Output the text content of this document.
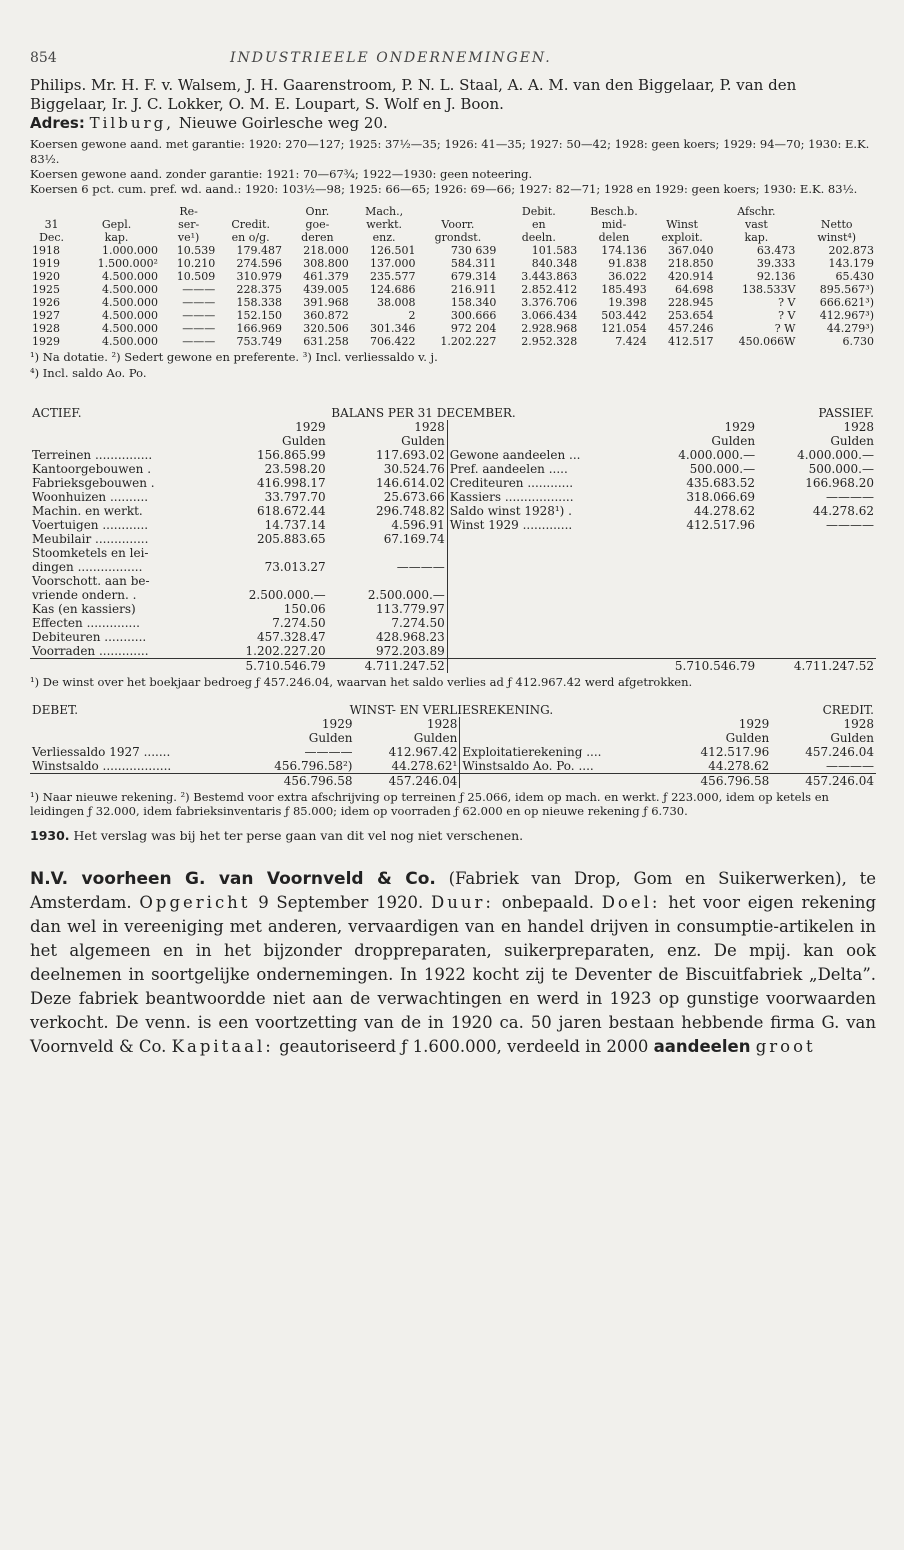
854	INDUSTRIEELE ONDERNEMINGEN.

Philips. Mr. H. F. v. Walsem, J. H. Gaarenstroom, P. N. L. Staal, A. A. M. van den Biggelaar, P. van den Biggelaar, Ir. J. C. Lokker, O. M. E. Loupart, S. Wolf en J. Boon.

Adres: Tilburg, Nieuwe Goirlesche weg 20.

Koersen gewone aand. met garantie: 1920: 270—127; 1925: 37½—35; 1926: 41—35; 1927: 50—42; 1928: geen koers; 1929: 94—70; 1930: E.K. 83½.

Koersen gewone aand. zonder garantie: 1921: 70—67¾; 1922—1930: geen noteering.

Koersen 6 pct. cum. pref. wd. aand.: 1920: 103½—98; 1925: 66—65; 1926: 69—66; 1927: 82—71; 1928 en 1929: geen koers; 1930: E.K. 83½.

		Re-		Onr.	Mach.,		Debit.	Besch.b.		Afschr.	
31	Gepl.	ser-	Credit.	goe-	werkt.	Voorr.	en	mid-	Winst	vast	Netto
Dec.	kap.	ve¹)	en o/g.	deren	enz.	grondst.	deeln.	delen	exploit.	kap.	winst⁴)
1918	1.000.000	10.539	179.487	218.000	126.501	730 639	101.583	174.136	367.040	63.473	202.873
1919	1.500.000²	10.210	274.596	308.800	137.000	584.311	840.348	91.838	218.850	39.333	143.179
1920	4.500.000	10.509	310.979	461.379	235.577	679.314	3.443.863	36.022	420.914	92.136	65.430
1925	4.500.000	———	228.375	439.005	124.686	216.911	2.852.412	185.493	64.698	138.533V	895.567³)
1926	4.500.000	———	158.338	391.968	38.008	158.340	3.376.706	19.398	228.945	? V	666.621³)
1927	4.500.000	———	152.150	360.872	2	300.666	3.066.434	503.442	253.654	? V	412.967³)
1928	4.500.000	———	166.969	320.506	301.346	972 204	2.928.968	121.054	457.246	? W	44.279³)
1929	4.500.000	———	753.749	631.258	706.422	1.202.227	2.952.328	7.424	412.517	450.066W	6.730

¹) Na dotatie. ²) Sedert gewone en preferente. ³) Incl. verliessaldo v. j.

⁴) Incl. saldo Ao. Po.

ACTIEF.	BALANS PER 31 DECEMBER.			PASSIEF.	
	1929	1928		1929	1928
	Gulden	Gulden		Gulden	Gulden
Terreinen ...............	156.865.99	117.693.02	Gewone aandeelen ...	4.000.000.—	4.000.000.—
Kantoorgebouwen .	23.598.20	30.524.76	Pref. aandeelen .....	500.000.—	500.000.—
Fabrieksgebouwen .	416.998.17	146.614.02	Crediteuren ............	435.683.52	166.968.20
Woonhuizen ..........	33.797.70	25.673.66	Kassiers ..................	318.066.69	————
Machin. en werkt.	618.672.44	296.748.82	Saldo winst 1928¹) .	44.278.62	44.278.62
Voertuigen ............	14.737.14	4.596.91	Winst 1929 .............	412.517.96	————
Meubilair ..............	205.883.65	67.169.74			
Stoomketels en lei-					
dingen .................	73.013.27	————			
Voorschott. aan be-					
vriende ondern. .	2.500.000.—	2.500.000.—			
Kas (en kassiers)	150.06	113.779.97			
Effecten ..............	7.274.50	7.274.50			
Debiteuren ...........	457.328.47	428.968.23			
Voorraden .............	1.202.227.20	972.203.89			
	5.710.546.79	4.711.247.52		5.710.546.79	4.711.247.52

¹) De winst over het boekjaar bedroeg ƒ 457.246.04, waarvan het saldo verlies ad ƒ 412.967.42 werd afgetrokken.

DEBET.	WINST- EN VERLIESREKENING.			CREDIT.	
	1929	1928		1929	1928
	Gulden	Gulden		Gulden	Gulden
Verliessaldo 1927 .......	————	412.967.42	Exploitatierekening ....	412.517.96	457.246.04
Winstsaldo ..................	456.796.58²)	44.278.62¹	Winstsaldo Ao. Po. ....	44.278.62	————

	456.796.58	457.246.04		456.796.58	457.246.04

¹) Naar nieuwe rekening. ²) Bestemd voor extra afschrijving op terreinen ƒ 25.066, idem op mach. en werkt. ƒ 223.000, idem op ketels en leidingen ƒ 32.000, idem fabrieksinventaris ƒ 85.000; idem op voorraden ƒ 62.000 en op nieuwe rekening ƒ 6.730.

1930. Het verslag was bij het ter perse gaan van dit vel nog niet verschenen.

N.V. voorheen G. van Voornveld & Co. (Fabriek van Drop, Gom en Suikerwerken), te Amsterdam. Opgericht 9 September 1920. Duur: onbepaald. Doel: het voor eigen rekening dan wel in vereeniging met anderen, vervaardigen van en handel drijven in consumptie-artikelen in het algemeen en in het bijzonder droppreparaten, suikerpreparaten, enz. De mpij. kan ook deelnemen in soortgelijke ondernemingen. In 1922 kocht zij te Deventer de Biscuitfabriek „Delta”. Deze fabriek beantwoordde niet aan de verwachtingen en werd in 1923 op gunstige voorwaarden verkocht. De venn. is een voortzetting van de in 1920 ca. 50 jaren bestaan hebbende firma G. van Voornveld & Co. Kapitaal: geautoriseerd ƒ 1.600.000, verdeeld in 2000 aandeelen groot
